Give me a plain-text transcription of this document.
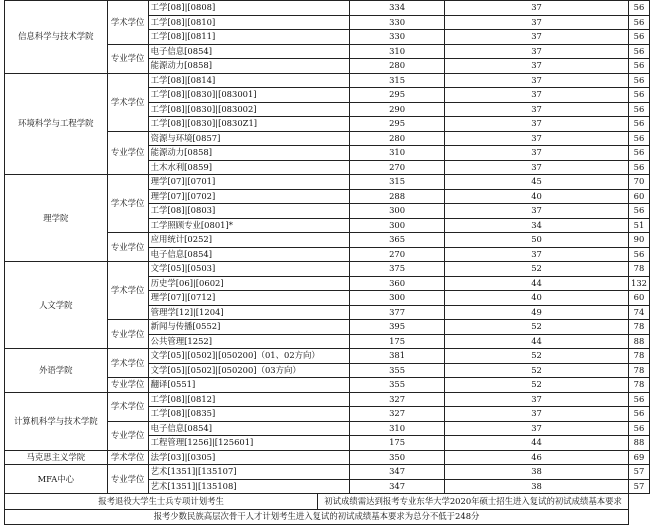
信息科学与技术学院	学术学位	工学[08]|[0808]		334	37	56
		工学[08]|[0810]		330	37	56
		工学[08]|[0811]		330	37	56
	专业学位	电子信息[0854]		310	37	56
		能源动力[0858]		280	37	56
环境科学与工程学院	学术学位	工学[08]|[0814]		315	37	56
		工学[08]|[0830]|[083001]		295	37	56
		工学[08]|[0830]|[083002]		290	37	56
		工学[08]|[0830]|[0830Z1]		295	37	56
	专业学位	资源与环境[0857]		280	37	56
		能源动力[0858]		310	37	56
		土木水利[0859]		270	37	56
理学院	学术学位	理学[07]|[0701]		315	45	70
		理学[07]|[0702]		288	40	60
		工学[08]|[0803]		300	37	56
		工学照顾专业[0801]*		300	34	51
	专业学位	应用统计[0252]		365	50	90
		电子信息[0854]		270	37	56
人文学院	学术学位	文学[05]|[0503]		375	52	78
		历史学[06]|[0602]		360	44	132
		理学[07]|[0712]		300	40	60
		管理学[12]|[1204]		377	49	74
	专业学位	新闻与传播[0552]		395	52	78
		公共管理[1252]		175	44	88
外语学院	学术学位	文学[05]|[0502]|[050200]（01、02方向）		381	52	78
		文学[05]|[0502]|[050200]（03方向）		355	52	78
	专业学位	翻译[0551]		355	52	78
计算机科学与技术学院	学术学位	工学[08]|[0812]		327	37	56
		工学[08]|[0835]		327	37	56
	专业学位	电子信息[0854]		310	37	56
		工程管理[1256]|[125601]		175	44	88
马克思主义学院	学术学位	法学[03]|[0305]		350	46	69
MFA中心	专业学位	艺术[1351]|[135107]		347	38	57
		艺术[1351]|[135108]		347	38	57
报考退役大学生士兵专项计划考生			初试成绩需达到报考专业东华大学2020年硕士招生进入复试的初试成绩基本要求			
报考少数民族高层次骨干人才计划考生进入复试的初试成绩基本要求为总分不低于248分						
